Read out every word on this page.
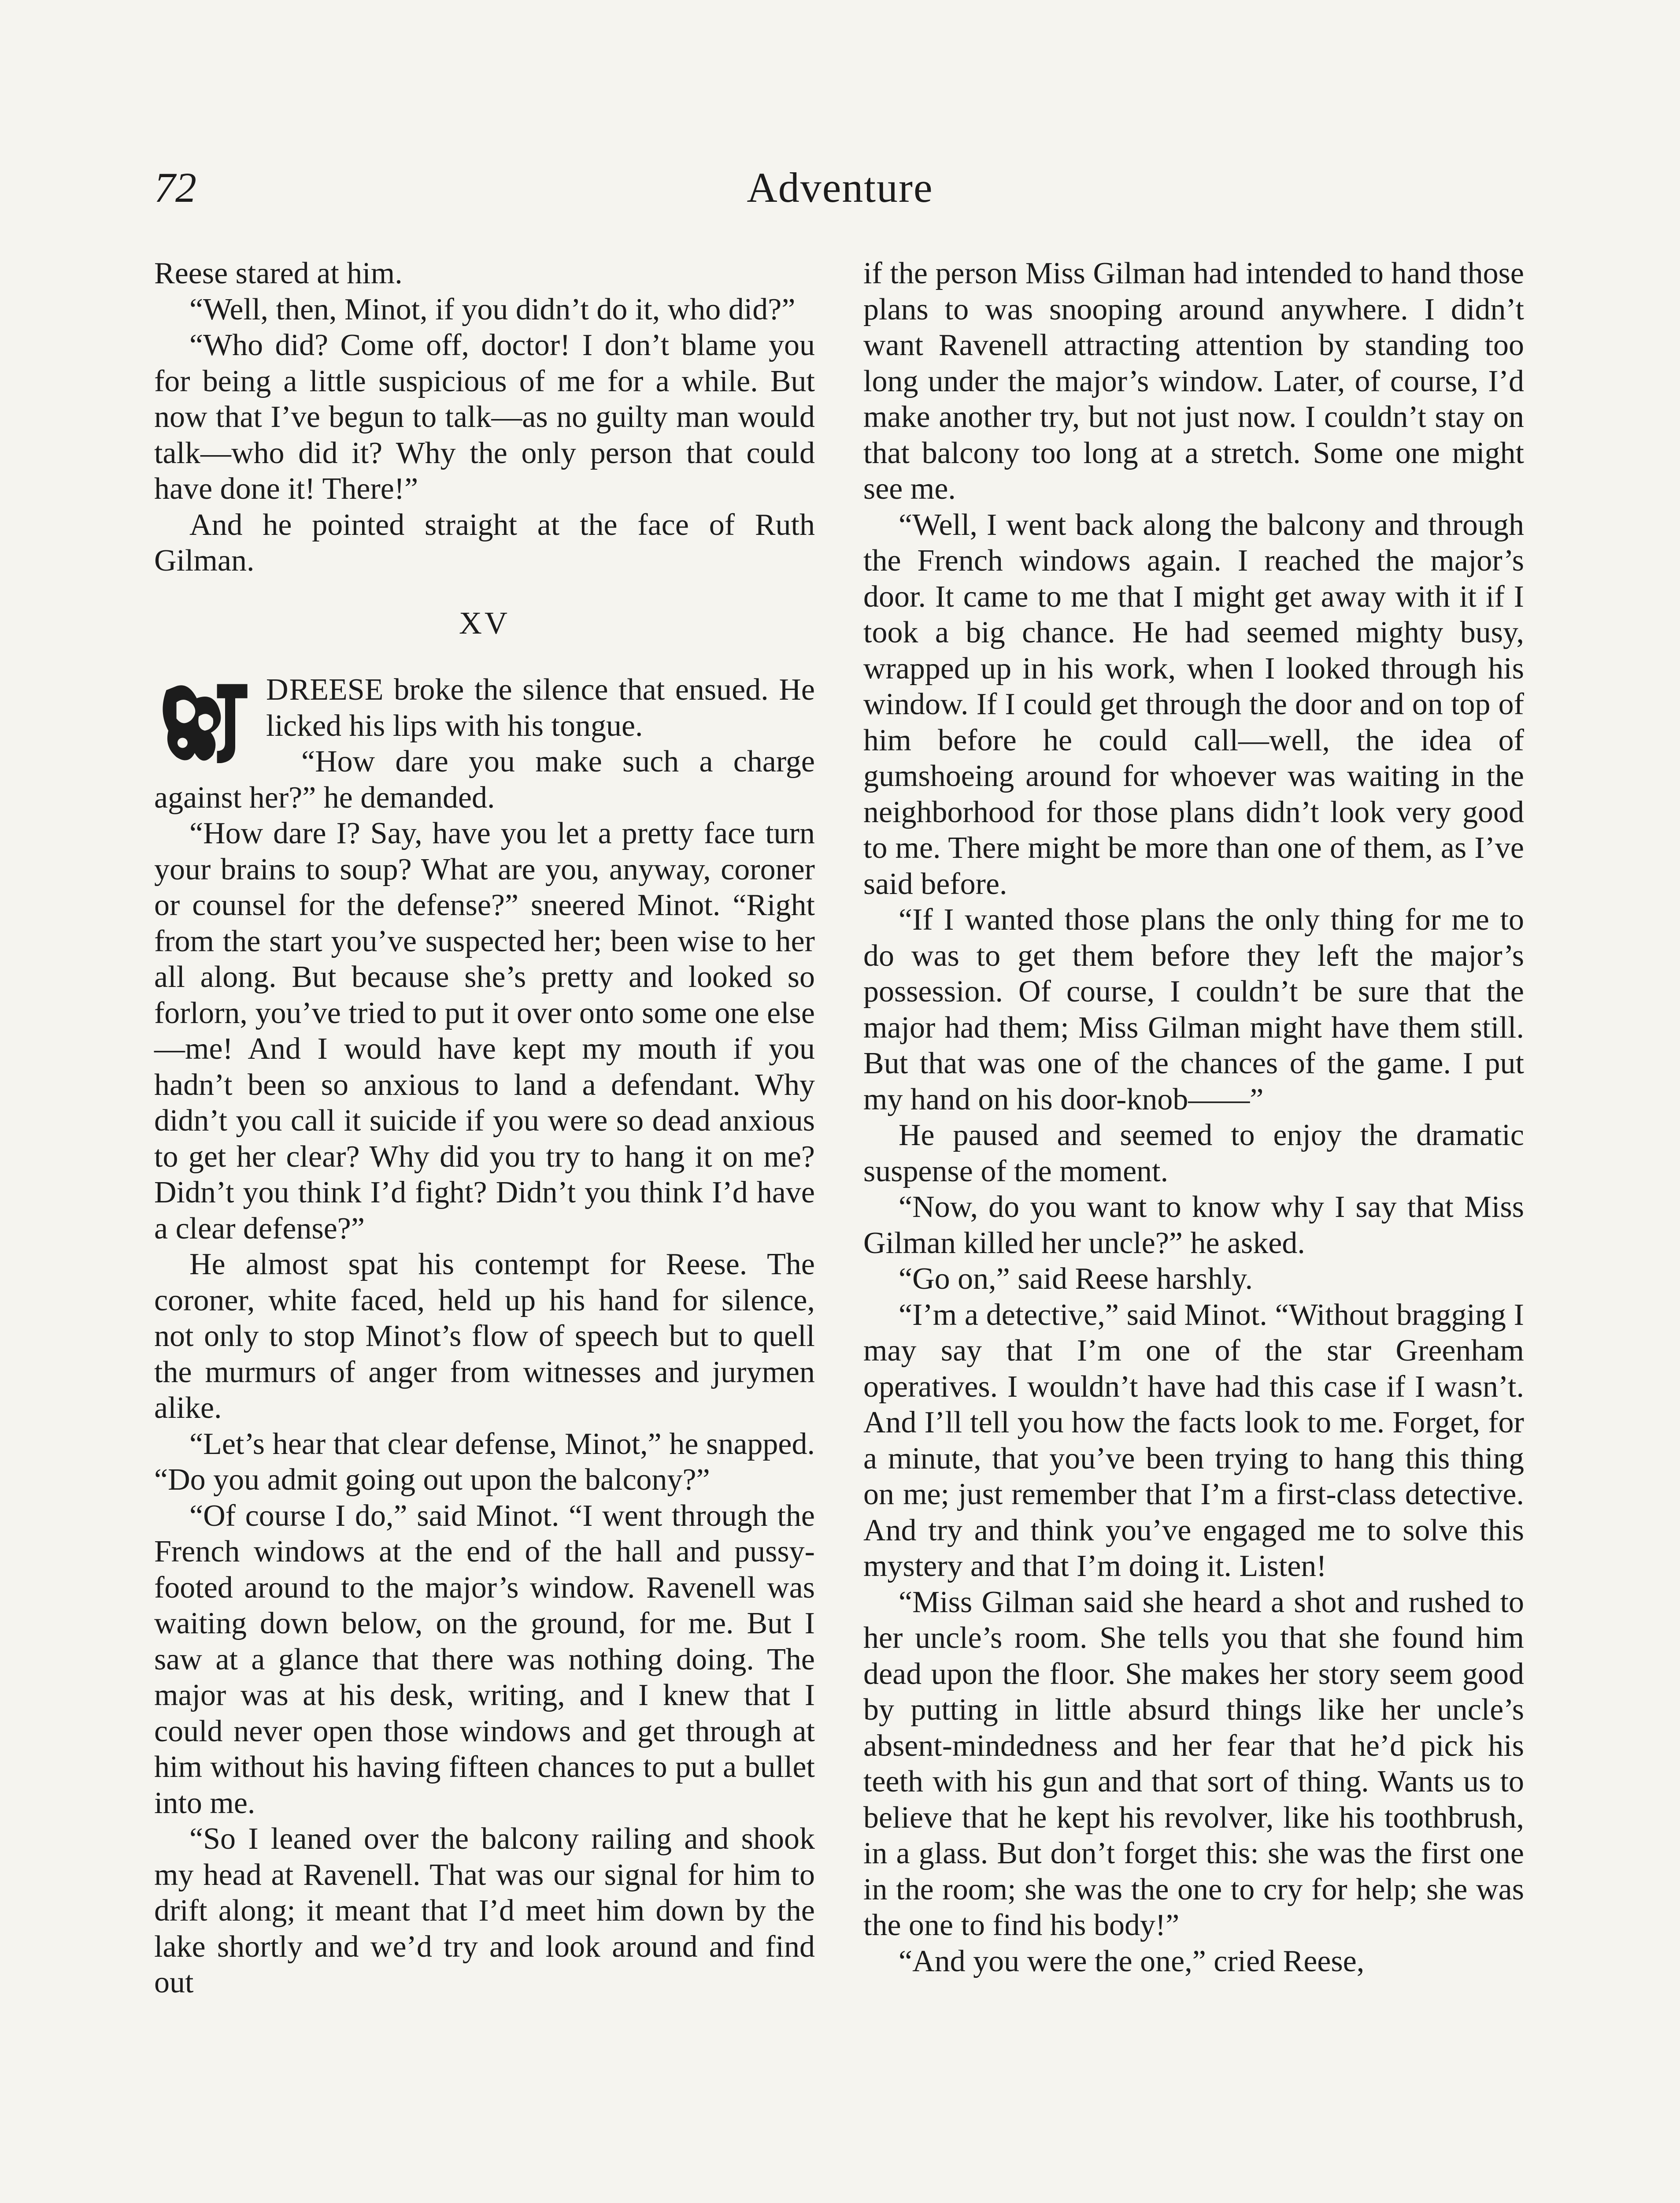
72	Adventure

Reese stared at him.

“Well, then, Minot, if you didn’t do it, who did?”

“Who did? Come off, doctor! I don’t blame you for being a little suspicious of me for a while. But now that I’ve begun to talk—as no guilty man would talk—who did it? Why the only person that could have done it! There!”

And he pointed straight at the face of Ruth Gilman.

XV

DREESE broke the silence that ensued. He licked his lips with his tongue.

“How dare you make such a charge against her?” he demanded.

“How dare I? Say, have you let a pretty face turn your brains to soup? What are you, anyway, coroner or counsel for the defense?” sneered Minot. “Right from the start you’ve suspected her; been wise to her all along. But because she’s pretty and looked so forlorn, you’ve tried to put it over onto some one else—me! And I would have kept my mouth if you hadn’t been so anxious to land a defendant. Why didn’t you call it suicide if you were so dead anxious to get her clear? Why did you try to hang it on me? Didn’t you think I’d fight? Didn’t you think I’d have a clear defense?”

He almost spat his contempt for Reese. The coroner, white faced, held up his hand for silence, not only to stop Minot’s flow of speech but to quell the murmurs of anger from witnesses and jurymen alike.

“Let’s hear that clear defense, Minot,” he snapped. “Do you admit going out upon the balcony?”

“Of course I do,” said Minot. “I went through the French windows at the end of the hall and pussy-footed around to the major’s window. Ravenell was waiting down below, on the ground, for me. But I saw at a glance that there was nothing doing. The major was at his desk, writing, and I knew that I could never open those windows and get through at him without his having fifteen chances to put a bullet into me.

“So I leaned over the balcony railing and shook my head at Ravenell. That was our signal for him to drift along; it meant that I’d meet him down by the lake shortly and we’d try and look around and find out

if the person Miss Gilman had intended to hand those plans to was snooping around anywhere. I didn’t want Ravenell attracting attention by standing too long under the major’s window. Later, of course, I’d make another try, but not just now. I couldn’t stay on that balcony too long at a stretch. Some one might see me.

“Well, I went back along the balcony and through the French windows again. I reached the major’s door. It came to me that I might get away with it if I took a big chance. He had seemed mighty busy, wrapped up in his work, when I looked through his window. If I could get through the door and on top of him before he could call—well, the idea of gumshoeing around for whoever was waiting in the neighborhood for those plans didn’t look very good to me. There might be more than one of them, as I’ve said before.

“If I wanted those plans the only thing for me to do was to get them before they left the major’s possession. Of course, I couldn’t be sure that the major had them; Miss Gilman might have them still. But that was one of the chances of the game. I put my hand on his door-knob——”

He paused and seemed to enjoy the dramatic suspense of the moment.

“Now, do you want to know why I say that Miss Gilman killed her uncle?” he asked.

“Go on,” said Reese harshly.

“I’m a detective,” said Minot. “Without bragging I may say that I’m one of the star Greenham operatives. I wouldn’t have had this case if I wasn’t. And I’ll tell you how the facts look to me. Forget, for a minute, that you’ve been trying to hang this thing on me; just remember that I’m a first-class detective. And try and think you’ve engaged me to solve this mystery and that I’m doing it. Listen!

“Miss Gilman said she heard a shot and rushed to her uncle’s room. She tells you that she found him dead upon the floor. She makes her story seem good by putting in little absurd things like her uncle’s absent-mindedness and her fear that he’d pick his teeth with his gun and that sort of thing. Wants us to believe that he kept his revolver, like his toothbrush, in a glass. But don’t forget this: she was the first one in the room; she was the one to cry for help; she was the one to find his body!”

“And you were the one,” cried Reese,
